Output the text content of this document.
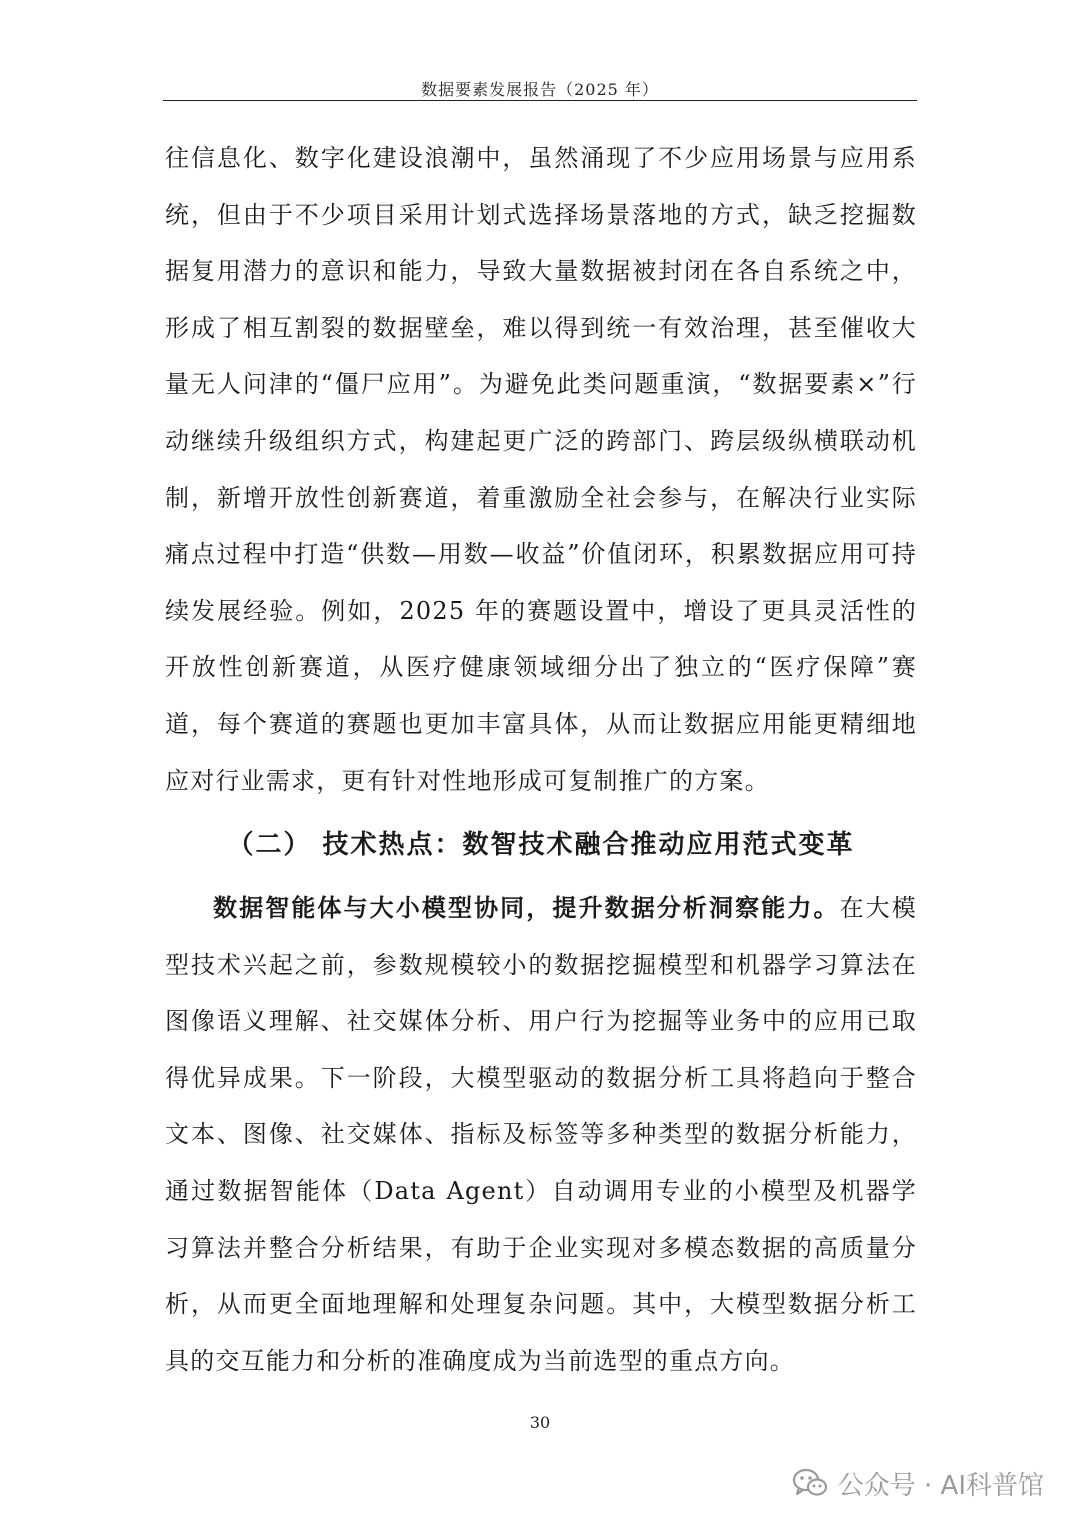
数据要素发展报告（2025 年）

往信息化、数字化建设浪潮中，虽然涌现了不少应用场景与应用系统，但由于不少项目采用计划式选择场景落地的方式，缺乏挖掘数据复用潜力的意识和能力，导致大量数据被封闭在各自系统之中，形成了相互割裂的数据壁垒，难以得到统一有效治理，甚至催收大量无人问津的“僵尸应用”。为避免此类问题重演，“数据要素×”行动继续升级组织方式，构建起更广泛的跨部门、跨层级纵横联动机制，新增开放性创新赛道，着重激励全社会参与，在解决行业实际痛点过程中打造“供数—用数—收益”价值闭环，积累数据应用可持续发展经验。例如，2025 年的赛题设置中，增设了更具灵活性的开放性创新赛道，从医疗健康领域细分出了独立的“医疗保障”赛道，每个赛道的赛题也更加丰富具体，从而让数据应用能更精细地应对行业需求，更有针对性地形成可复制推广的方案。

（二） 技术热点：数智技术融合推动应用范式变革

数据智能体与大小模型协同，提升数据分析洞察能力。在大模型技术兴起之前，参数规模较小的数据挖掘模型和机器学习算法在图像语义理解、社交媒体分析、用户行为挖掘等业务中的应用已取得优异成果。下一阶段，大模型驱动的数据分析工具将趋向于整合文本、图像、社交媒体、指标及标签等多种类型的数据分析能力，通过数据智能体（Data Agent）自动调用专业的小模型及机器学习算法并整合分析结果，有助于企业实现对多模态数据的高质量分析，从而更全面地理解和处理复杂问题。其中，大模型数据分析工具的交互能力和分析的准确度成为当前选型的重点方向。

30
公众号 · AI科普馆
